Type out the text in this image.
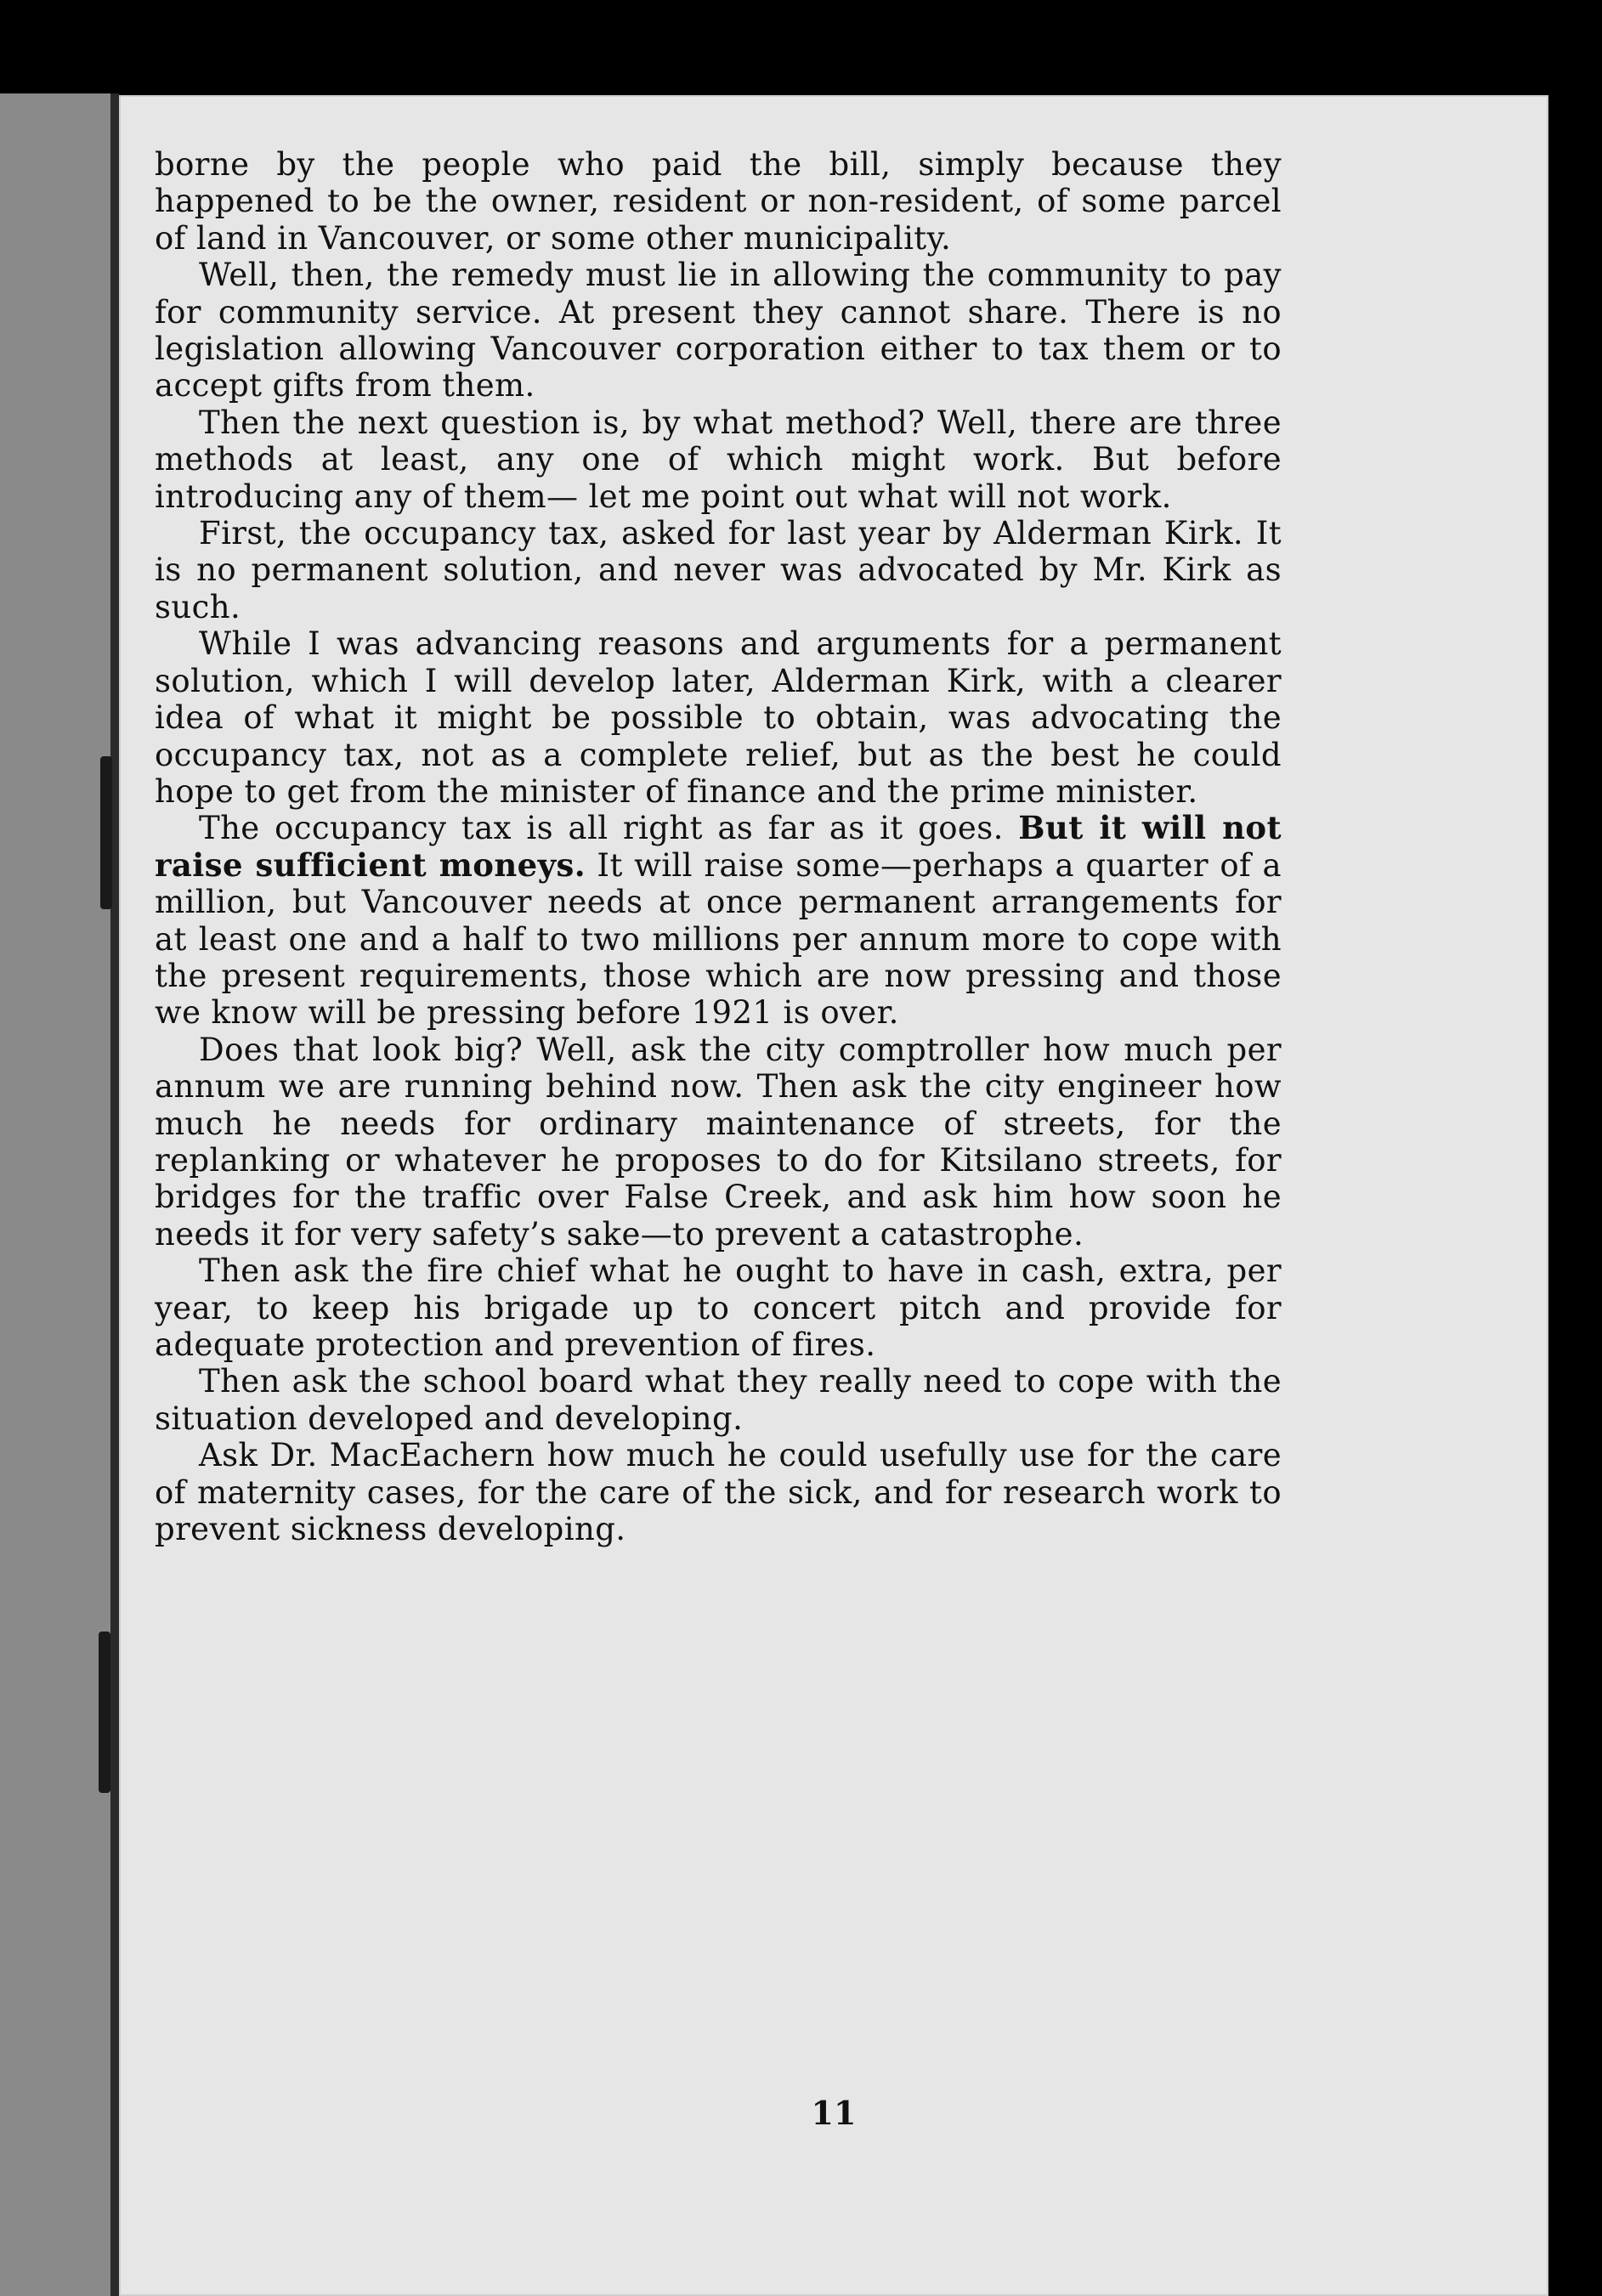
11

borne by the people who paid the bill, simply because they happened to be the owner, resident or non-resident, of some parcel of land in Vancouver, or some other municipality.

Well, then, the remedy must lie in allowing the community to pay for community service. At present they cannot share. There is no legislation allowing Vancouver corporation either to tax them or to accept gifts from them.

Then the next question is, by what method? Well, there are three methods at least, any one of which might work. But before introducing any of them— let me point out what will not work.

First, the occupancy tax, asked for last year by Alderman Kirk. It is no permanent solution, and never was advocated by Mr. Kirk as such.

While I was advancing reasons and arguments for a permanent solution, which I will develop later, Alderman Kirk, with a clearer idea of what it might be possible to obtain, was advocating the occupancy tax, not as a complete relief, but as the best he could hope to get from the minister of finance and the prime minister.

The occupancy tax is all right as far as it goes. But it will not raise sufficient moneys. It will raise some—perhaps a quarter of a million, but Vancouver needs at once permanent arrangements for at least one and a half to two millions per annum more to cope with the present requirements, those which are now pressing and those we know will be pressing before 1921 is over.

Does that look big? Well, ask the city comptroller how much per annum we are running behind now. Then ask the city engineer how much he needs for ordinary maintenance of streets, for the replanking or whatever he proposes to do for Kitsilano streets, for bridges for the traffic over False Creek, and ask him how soon he needs it for very safety’s sake—to prevent a catastrophe.

Then ask the fire chief what he ought to have in cash, extra, per year, to keep his brigade up to concert pitch and provide for adequate protection and prevention of fires.

Then ask the school board what they really need to cope with the situation developed and developing.

Ask Dr. MacEachern how much he could usefully use for the care of maternity cases, for the care of the sick, and for research work to prevent sickness developing.
